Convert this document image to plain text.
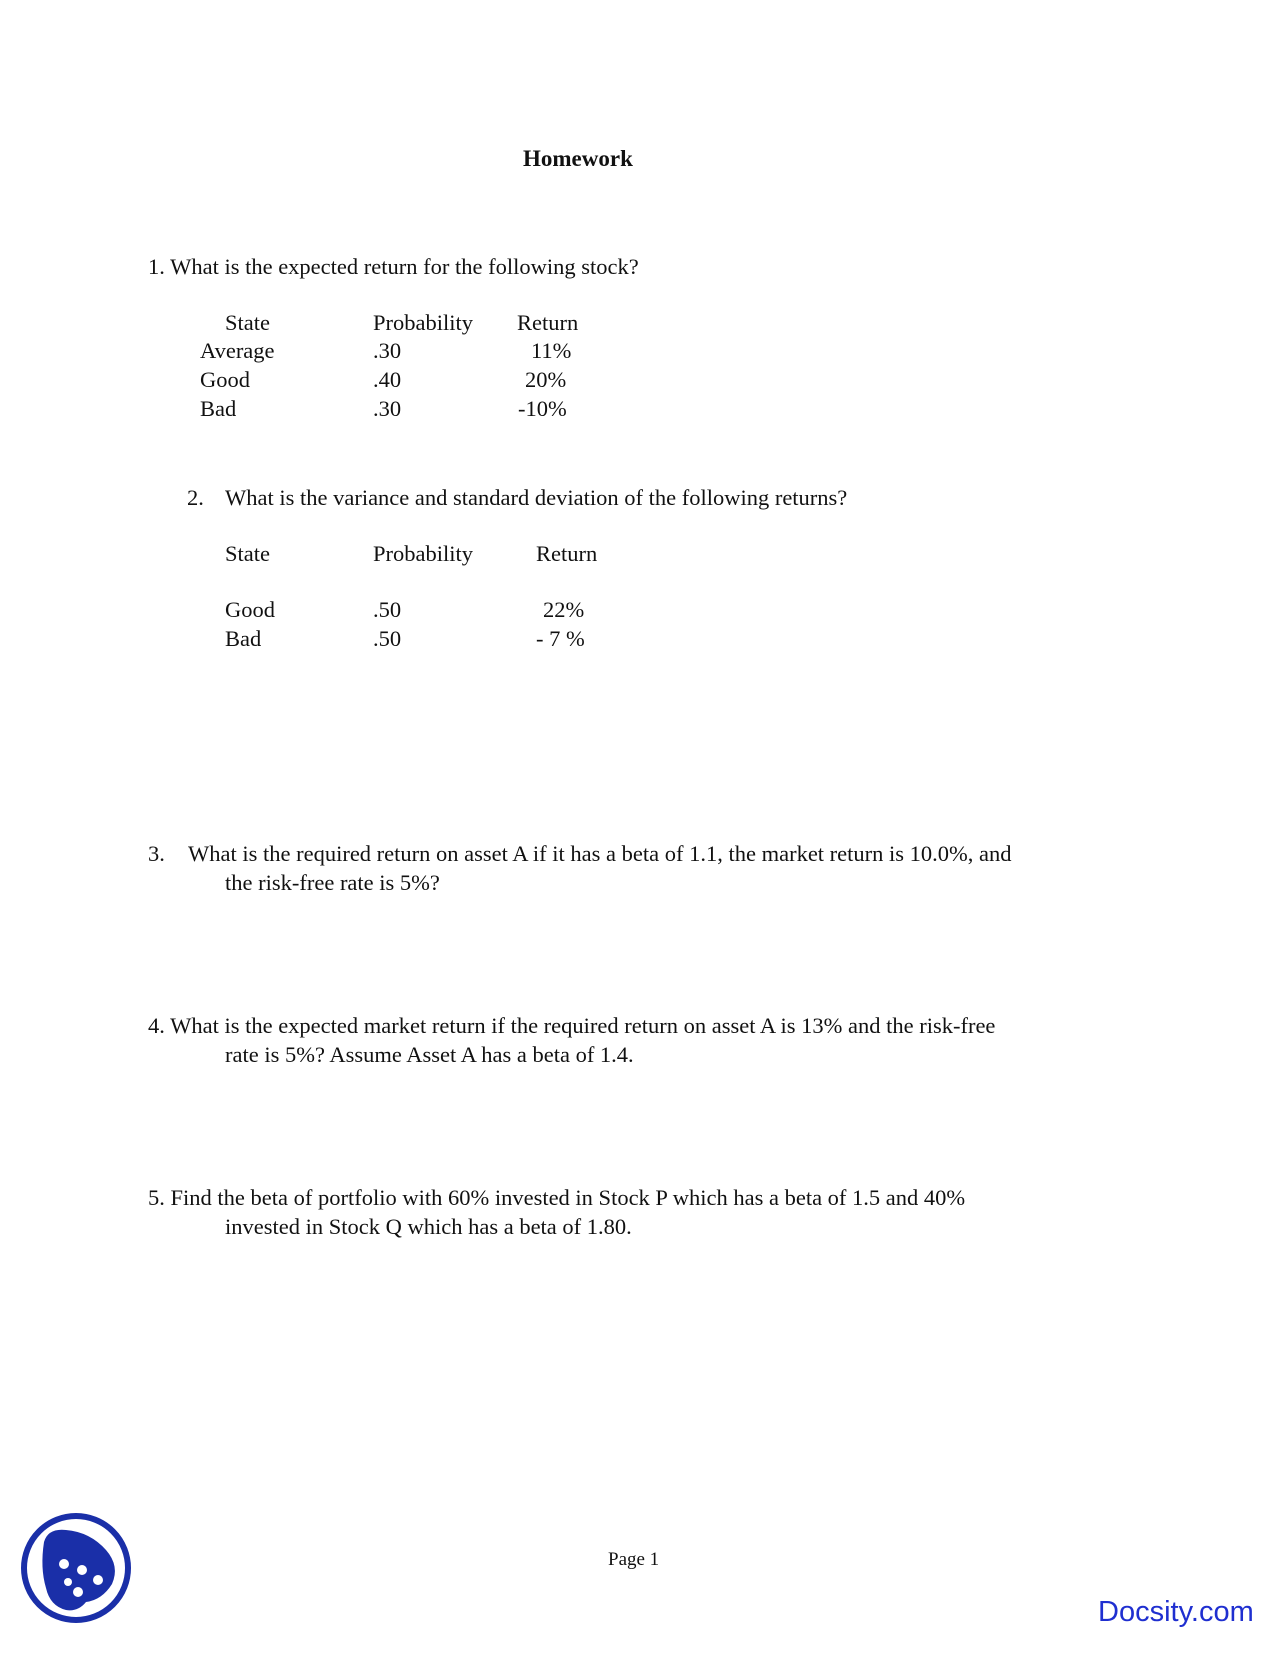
Homework
1. What is the expected return for the following stock?
State	Probability Return
Average	.30	11%
Good	.40	20%
Bad	.30	-10%
2. What is the variance and standard deviation of the following returns?
State	Probability	Return
Good	.50	22%
Bad	.50	- 7 %
3. What is the required return on asset A if it has a beta of 1.1, the market return is 10.0%, and
the risk-free rate is 5%?
4. What is the expected market return if the required return on asset A is 13% and the risk-free
rate is 5%? Assume Asset A has a beta of 1.4.
5. Find the beta of portfolio with 60% invested in Stock P which has a beta of 1.5 and 40%
invested in Stock Q which has a beta of 1.80.
Page 1
Docsity.com
